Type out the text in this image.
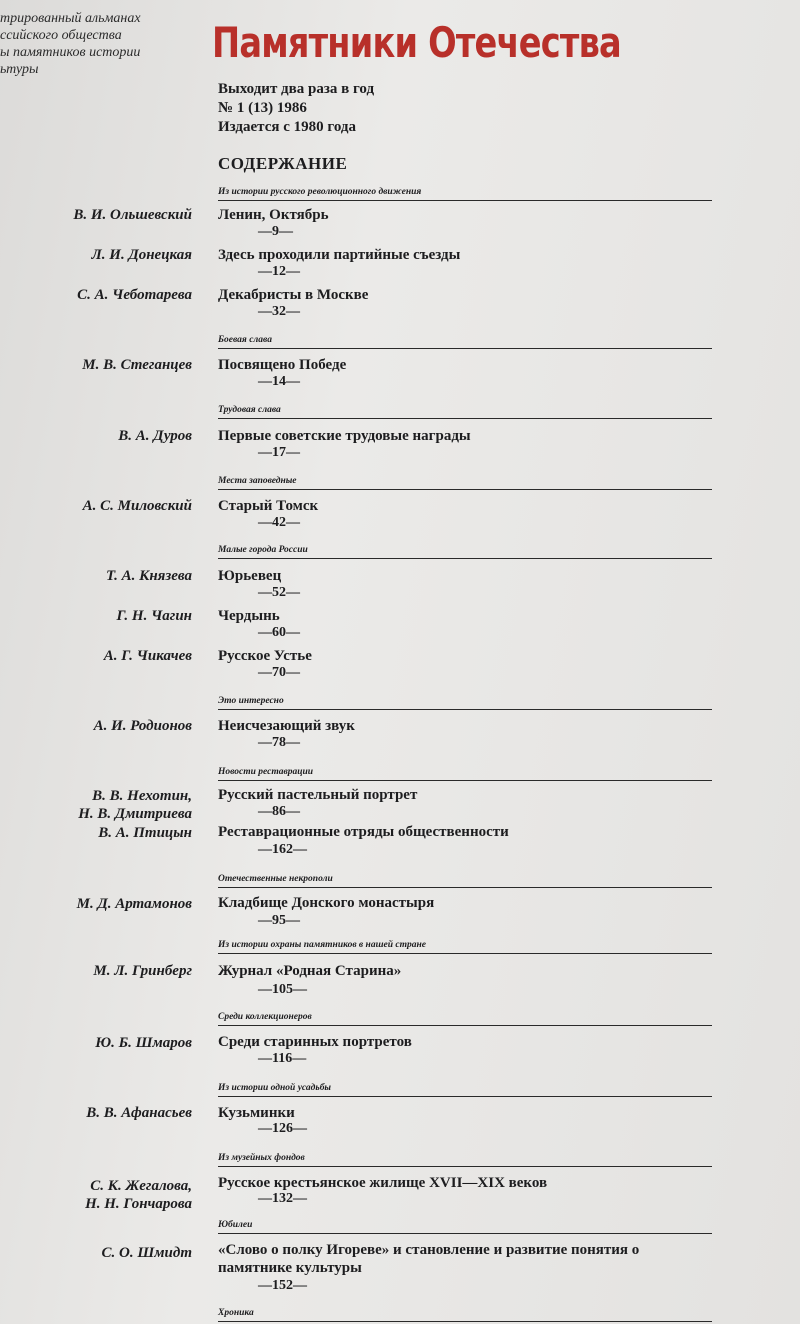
трированный альманах
ссийского общества
ы памятников истории
ьтуры
Памятники Отечества
Выходит два раза в год
№ 1 (13) 1986
Издается с 1980 года
СОДЕРЖАНИЕ
Из истории русского революционного движения
Боевая слава
Трудовая слава
Места заповедные
Малые города России
Это интересно
Новости реставрации
Отечественные некрополи
Из истории охраны памятников в нашей стране
Среди коллекционеров
Из истории одной усадьбы
Из музейных фондов
Юбилеи
Хроника
В. И. Ольшевский Ленин, Октябрь
—9—
Л. И. Донецкая Здесь проходили партийные съезды
—12—
С. А. Чеботарева Декабристы в Москве
—32—
М. В. Стеганцев Посвящено Победе
—14—
В. А. Дуров Первые советские трудовые награды
—17—
А. С. Миловский Старый Томск
—42—
Т. А. Князева Юрьевец
—52—
Г. Н. Чагин Чердынь
—60—
А. Г. Чикачев Русское Устье
—70—
А. И. Родионов Неисчезающий звук
—78—
В. В. Нехотин,
Н. В. Дмитриева
Русский пастельный портрет
—86—
В. А. Птицын Реставрационные отряды общественности
—162—
М. Д. Артамонов Кладбище Донского монастыря
—95—
М. Л. Гринберг Журнал «Родная Старина»
—105—
Ю. Б. Шмаров Среди старинных портретов
—116—
В. В. Афанасьев Кузьминки
—126—
С. К. Жегалова,
Н. Н. Гончарова
Русское крестьянское жилище XVII—XIX веков
—132—
С. О. Шмидт «Слово о полку Игореве» и становление и развитие понятия о памятнике культуры
—152—
